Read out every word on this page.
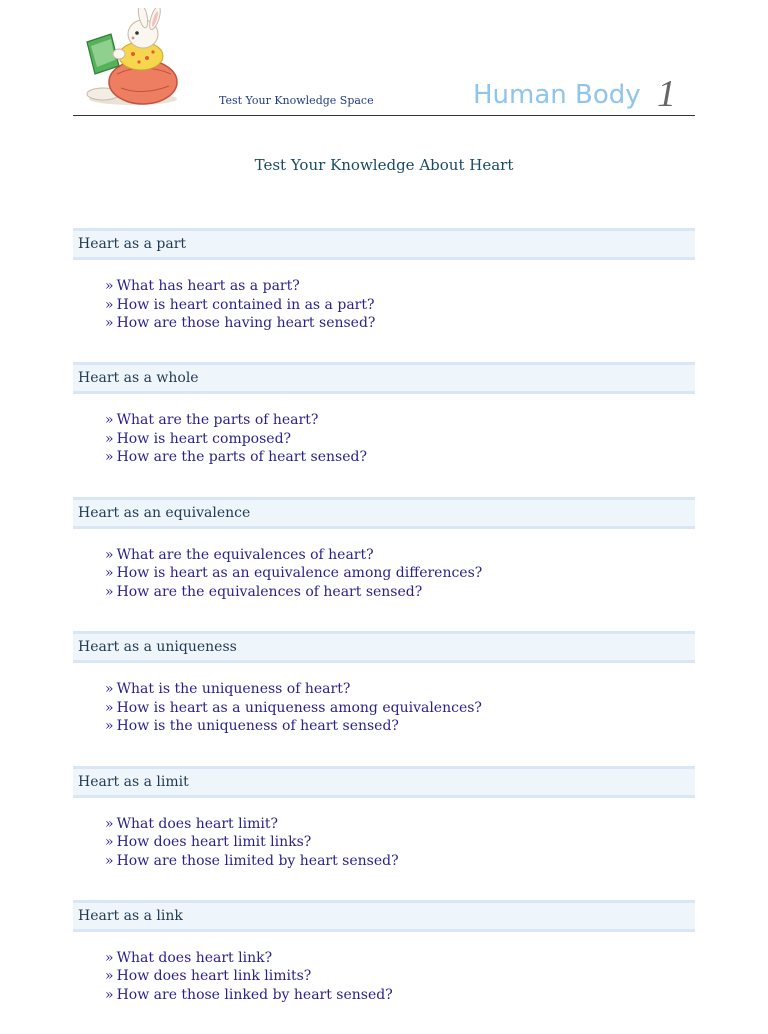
Test Your Knowledge Space	Human Body 1
Test Your Knowledge About Heart
Heart as a part
» What has heart as a part?
» How is heart contained in as a part?
» How are those having heart sensed?
Heart as a whole
» What are the parts of heart?
» How is heart composed?
» How are the parts of heart sensed?
Heart as an equivalence
» What are the equivalences of heart?
» How is heart as an equivalence among differences?
» How are the equivalences of heart sensed?
Heart as a uniqueness
» What is the uniqueness of heart?
» How is heart as a uniqueness among equivalences?
» How is the uniqueness of heart sensed?
Heart as a limit
» What does heart limit?
» How does heart limit links?
» How are those limited by heart sensed?
Heart as a link
» What does heart link?
» How does heart link limits?
» How are those linked by heart sensed?
